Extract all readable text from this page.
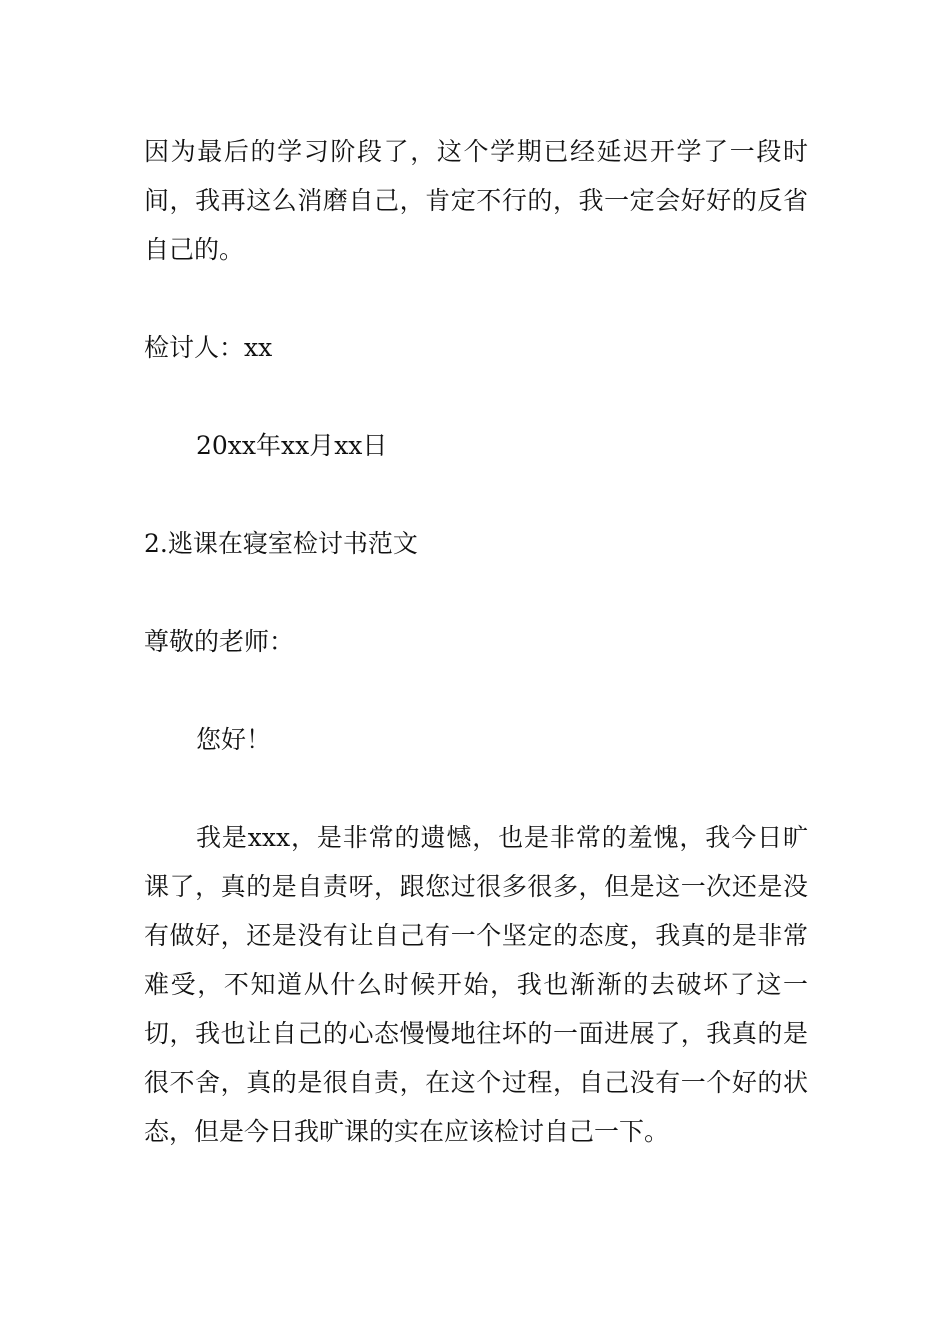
因为最后的学习阶段了，这个学期已经延迟开学了一段时间，我再这么消磨自己，肯定不行的，我一定会好好的反省自己的。

检讨人：xx

20xx年xx月xx日

2.逃课在寝室检讨书范文

尊敬的老师：

您好！

我是xxx，是非常的遗憾，也是非常的羞愧，我今日旷课了，真的是自责呀，跟您过很多很多，但是这一次还是没有做好，还是没有让自己有一个坚定的态度，我真的是非常难受，不知道从什么时候开始，我也渐渐的去破坏了这一切，我也让自己的心态慢慢地往坏的一面进展了，我真的是很不舍，真的是很自责，在这个过程，自己没有一个好的状态，但是今日我旷课的实在应该检讨自己一下。
